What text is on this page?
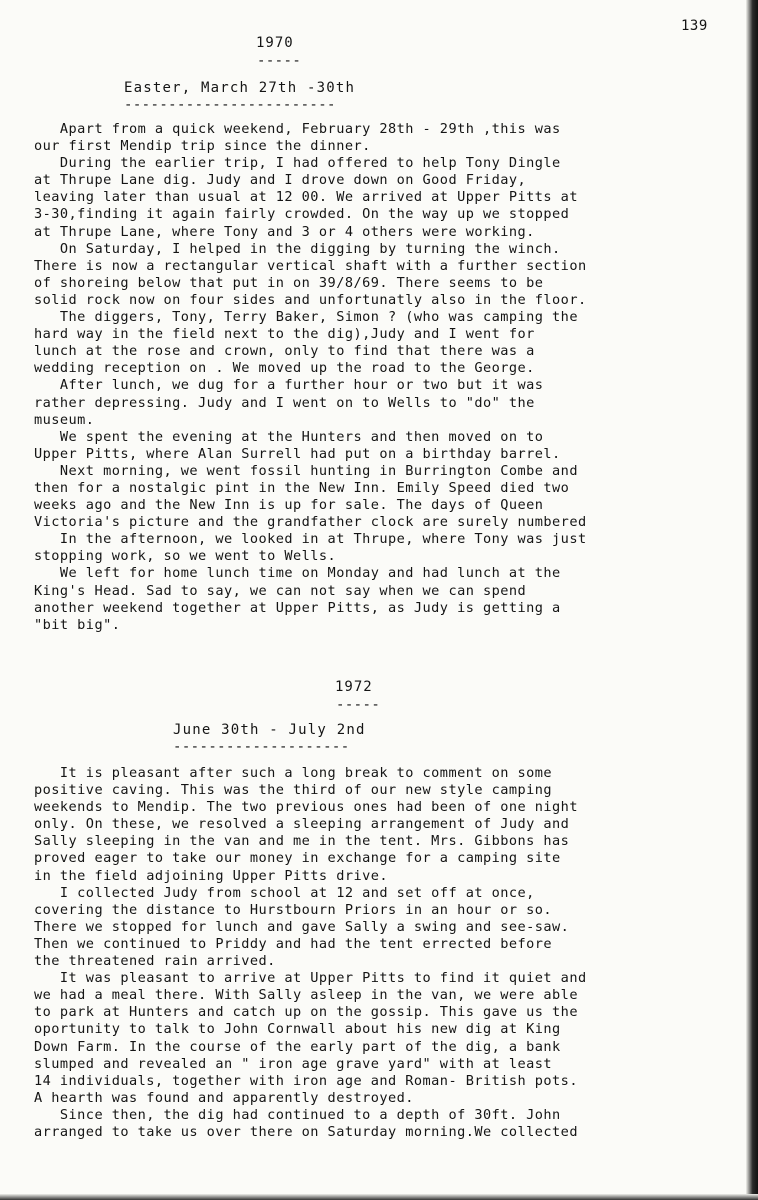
139
1970
-----
Easter, March 27th -30th
------------------------
Apart from a quick weekend, February 28th - 29th ,this was
our first Mendip trip since the dinner.
During the earlier trip, I had offered to help Tony Dingle
at Thrupe Lane dig. Judy and I drove down on Good Friday,
leaving later than usual at 12 00. We arrived at Upper Pitts at
3-30,finding it again fairly crowded. On the way up we stopped
at Thrupe Lane, where Tony and 3 or 4 others were working.
On Saturday, I helped in the digging by turning the winch.
There is now a rectangular vertical shaft with a further section
of shoreing below that put in on 39/8/69. There seems to be
solid rock now on four sides and unfortunatly also in the floor.
The diggers, Tony, Terry Baker, Simon ? (who was camping the
hard way in the field next to the dig),Judy and I went for
lunch at the rose and crown, only to find that there was a
wedding reception on . We moved up the road to the George.
After lunch, we dug for a further hour or two but it was
rather depressing. Judy and I went on to Wells to "do" the
museum.
We spent the evening at the Hunters and then moved on to
Upper Pitts, where Alan Surrell had put on a birthday barrel.
Next morning, we went fossil hunting in Burrington Combe and
then for a nostalgic pint in the New Inn. Emily Speed died two
weeks ago and the New Inn is up for sale. The days of Queen
Victoria's picture and the grandfather clock are surely numbered
In the afternoon, we looked in at Thrupe, where Tony was just
stopping work, so we went to Wells.
We left for home lunch time on Monday and had lunch at the
King's Head. Sad to say, we can not say when we can spend
another weekend together at Upper Pitts, as Judy is getting a
"bit big".
1972
-----
June 30th - July 2nd
--------------------
It is pleasant after such a long break to comment on some
positive caving. This was the third of our new style camping
weekends to Mendip. The two previous ones had been of one night
only. On these, we resolved a sleeping arrangement of Judy and
Sally sleeping in the van and me in the tent. Mrs. Gibbons has
proved eager to take our money in exchange for a camping site
in the field adjoining Upper Pitts drive.
I collected Judy from school at 12 and set off at once,
covering the distance to Hurstbourn Priors in an hour or so.
There we stopped for lunch and gave Sally a swing and see-saw.
Then we continued to Priddy and had the tent errected before
the threatened rain arrived.
It was pleasant to arrive at Upper Pitts to find it quiet and
we had a meal there. With Sally asleep in the van, we were able
to park at Hunters and catch up on the gossip. This gave us the
oportunity to talk to John Cornwall about his new dig at King
Down Farm. In the course of the early part of the dig, a bank
slumped and revealed an " iron age grave yard" with at least
14 individuals, together with iron age and Roman- British pots.
A hearth was found and apparently destroyed.
Since then, the dig had continued to a depth of 30ft. John
arranged to take us over there on Saturday morning.We collected
